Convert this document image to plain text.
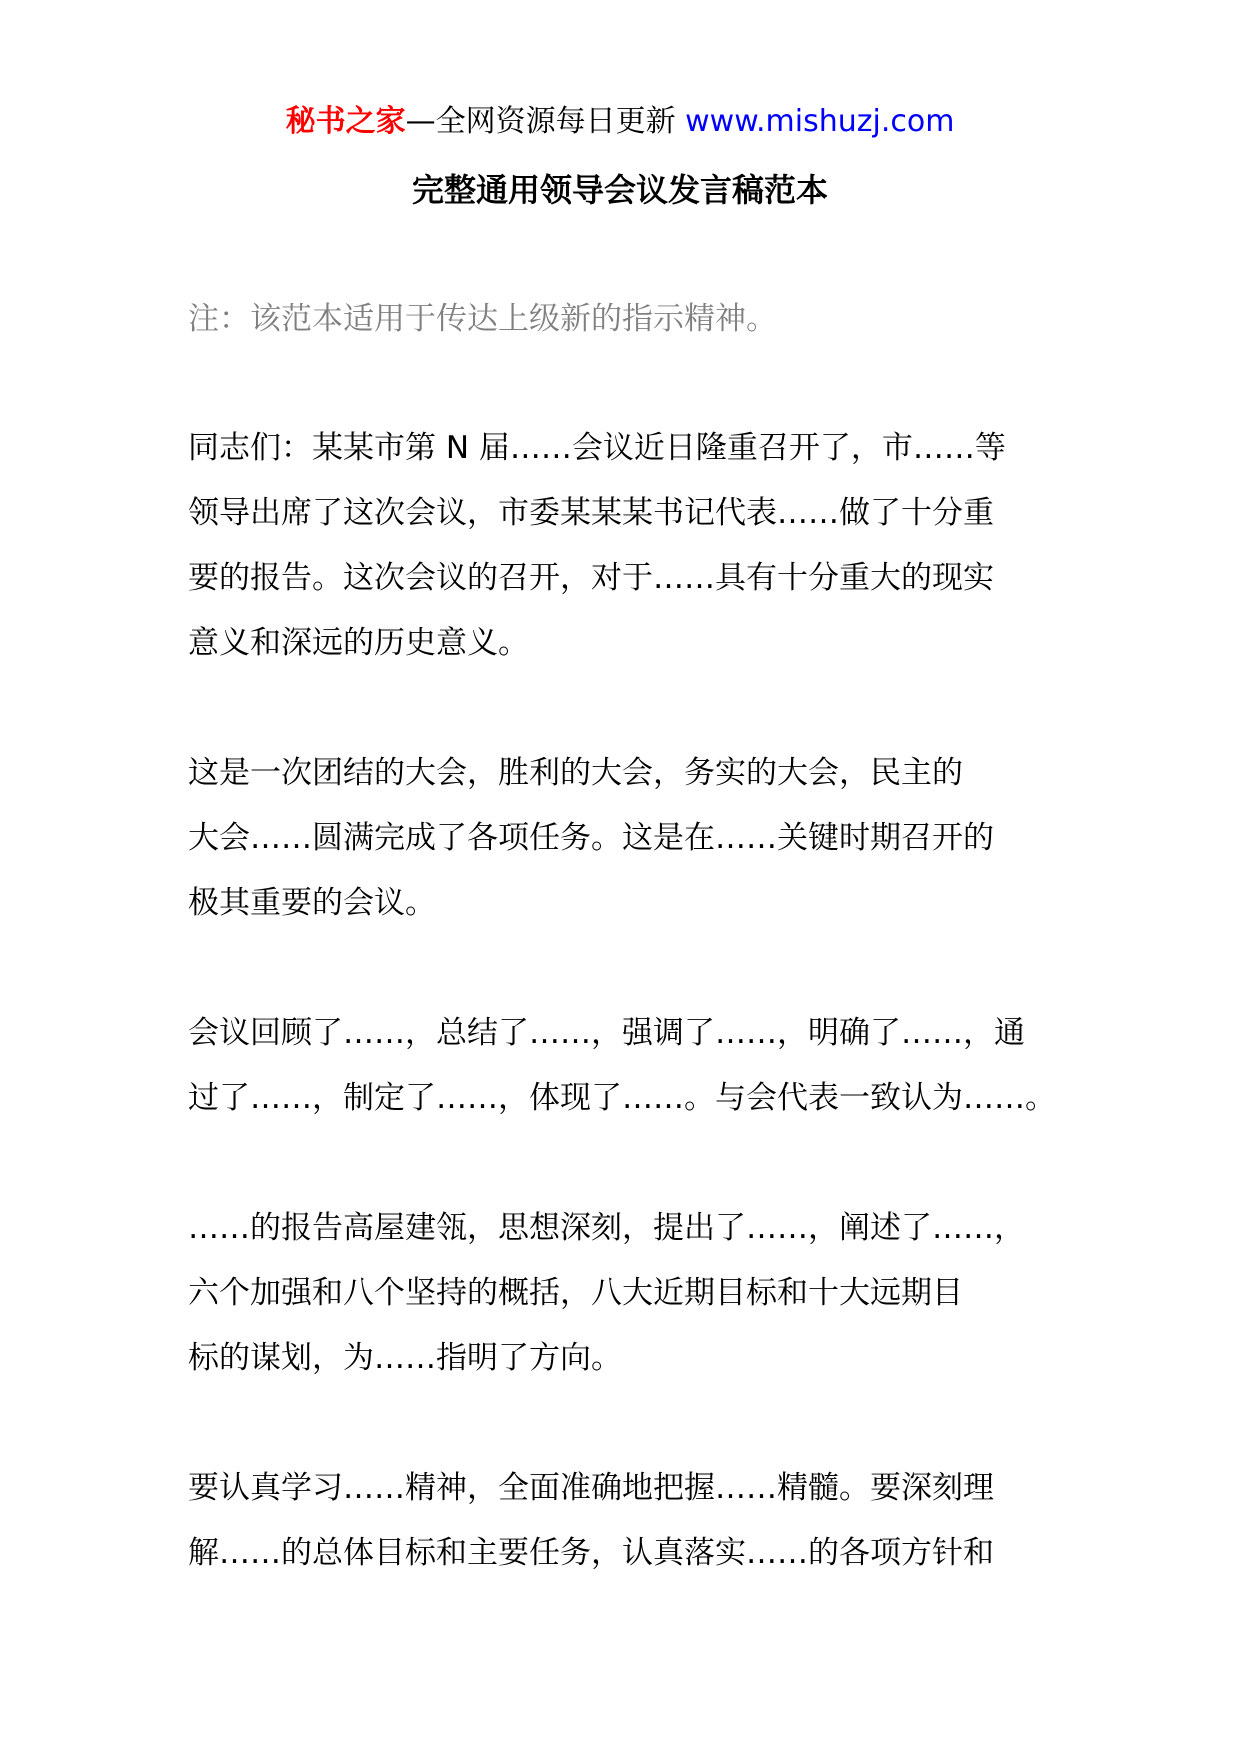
秘书之家—全网资源每日更新 www.mishuzj.com
完整通用领导会议发言稿范本
注：该范本适用于传达上级新的指示精神。
同志们：某某市第 N 届……会议近日隆重召开了，市……等
领导出席了这次会议，市委某某某书记代表……做了十分重
要的报告。这次会议的召开，对于……具有十分重大的现实
意义和深远的历史意义。
这是一次团结的大会，胜利的大会，务实的大会，民主的
大会……圆满完成了各项任务。这是在……关键时期召开的
极其重要的会议。
会议回顾了……，总结了……，强调了……，明确了……，通
过了……，制定了……，体现了……。与会代表一致认为……。
……的报告高屋建瓴，思想深刻，提出了……，阐述了……，
六个加强和八个坚持的概括，八大近期目标和十大远期目
标的谋划，为……指明了方向。
要认真学习……精神，全面准确地把握……精髓。要深刻理
解……的总体目标和主要任务，认真落实……的各项方针和
